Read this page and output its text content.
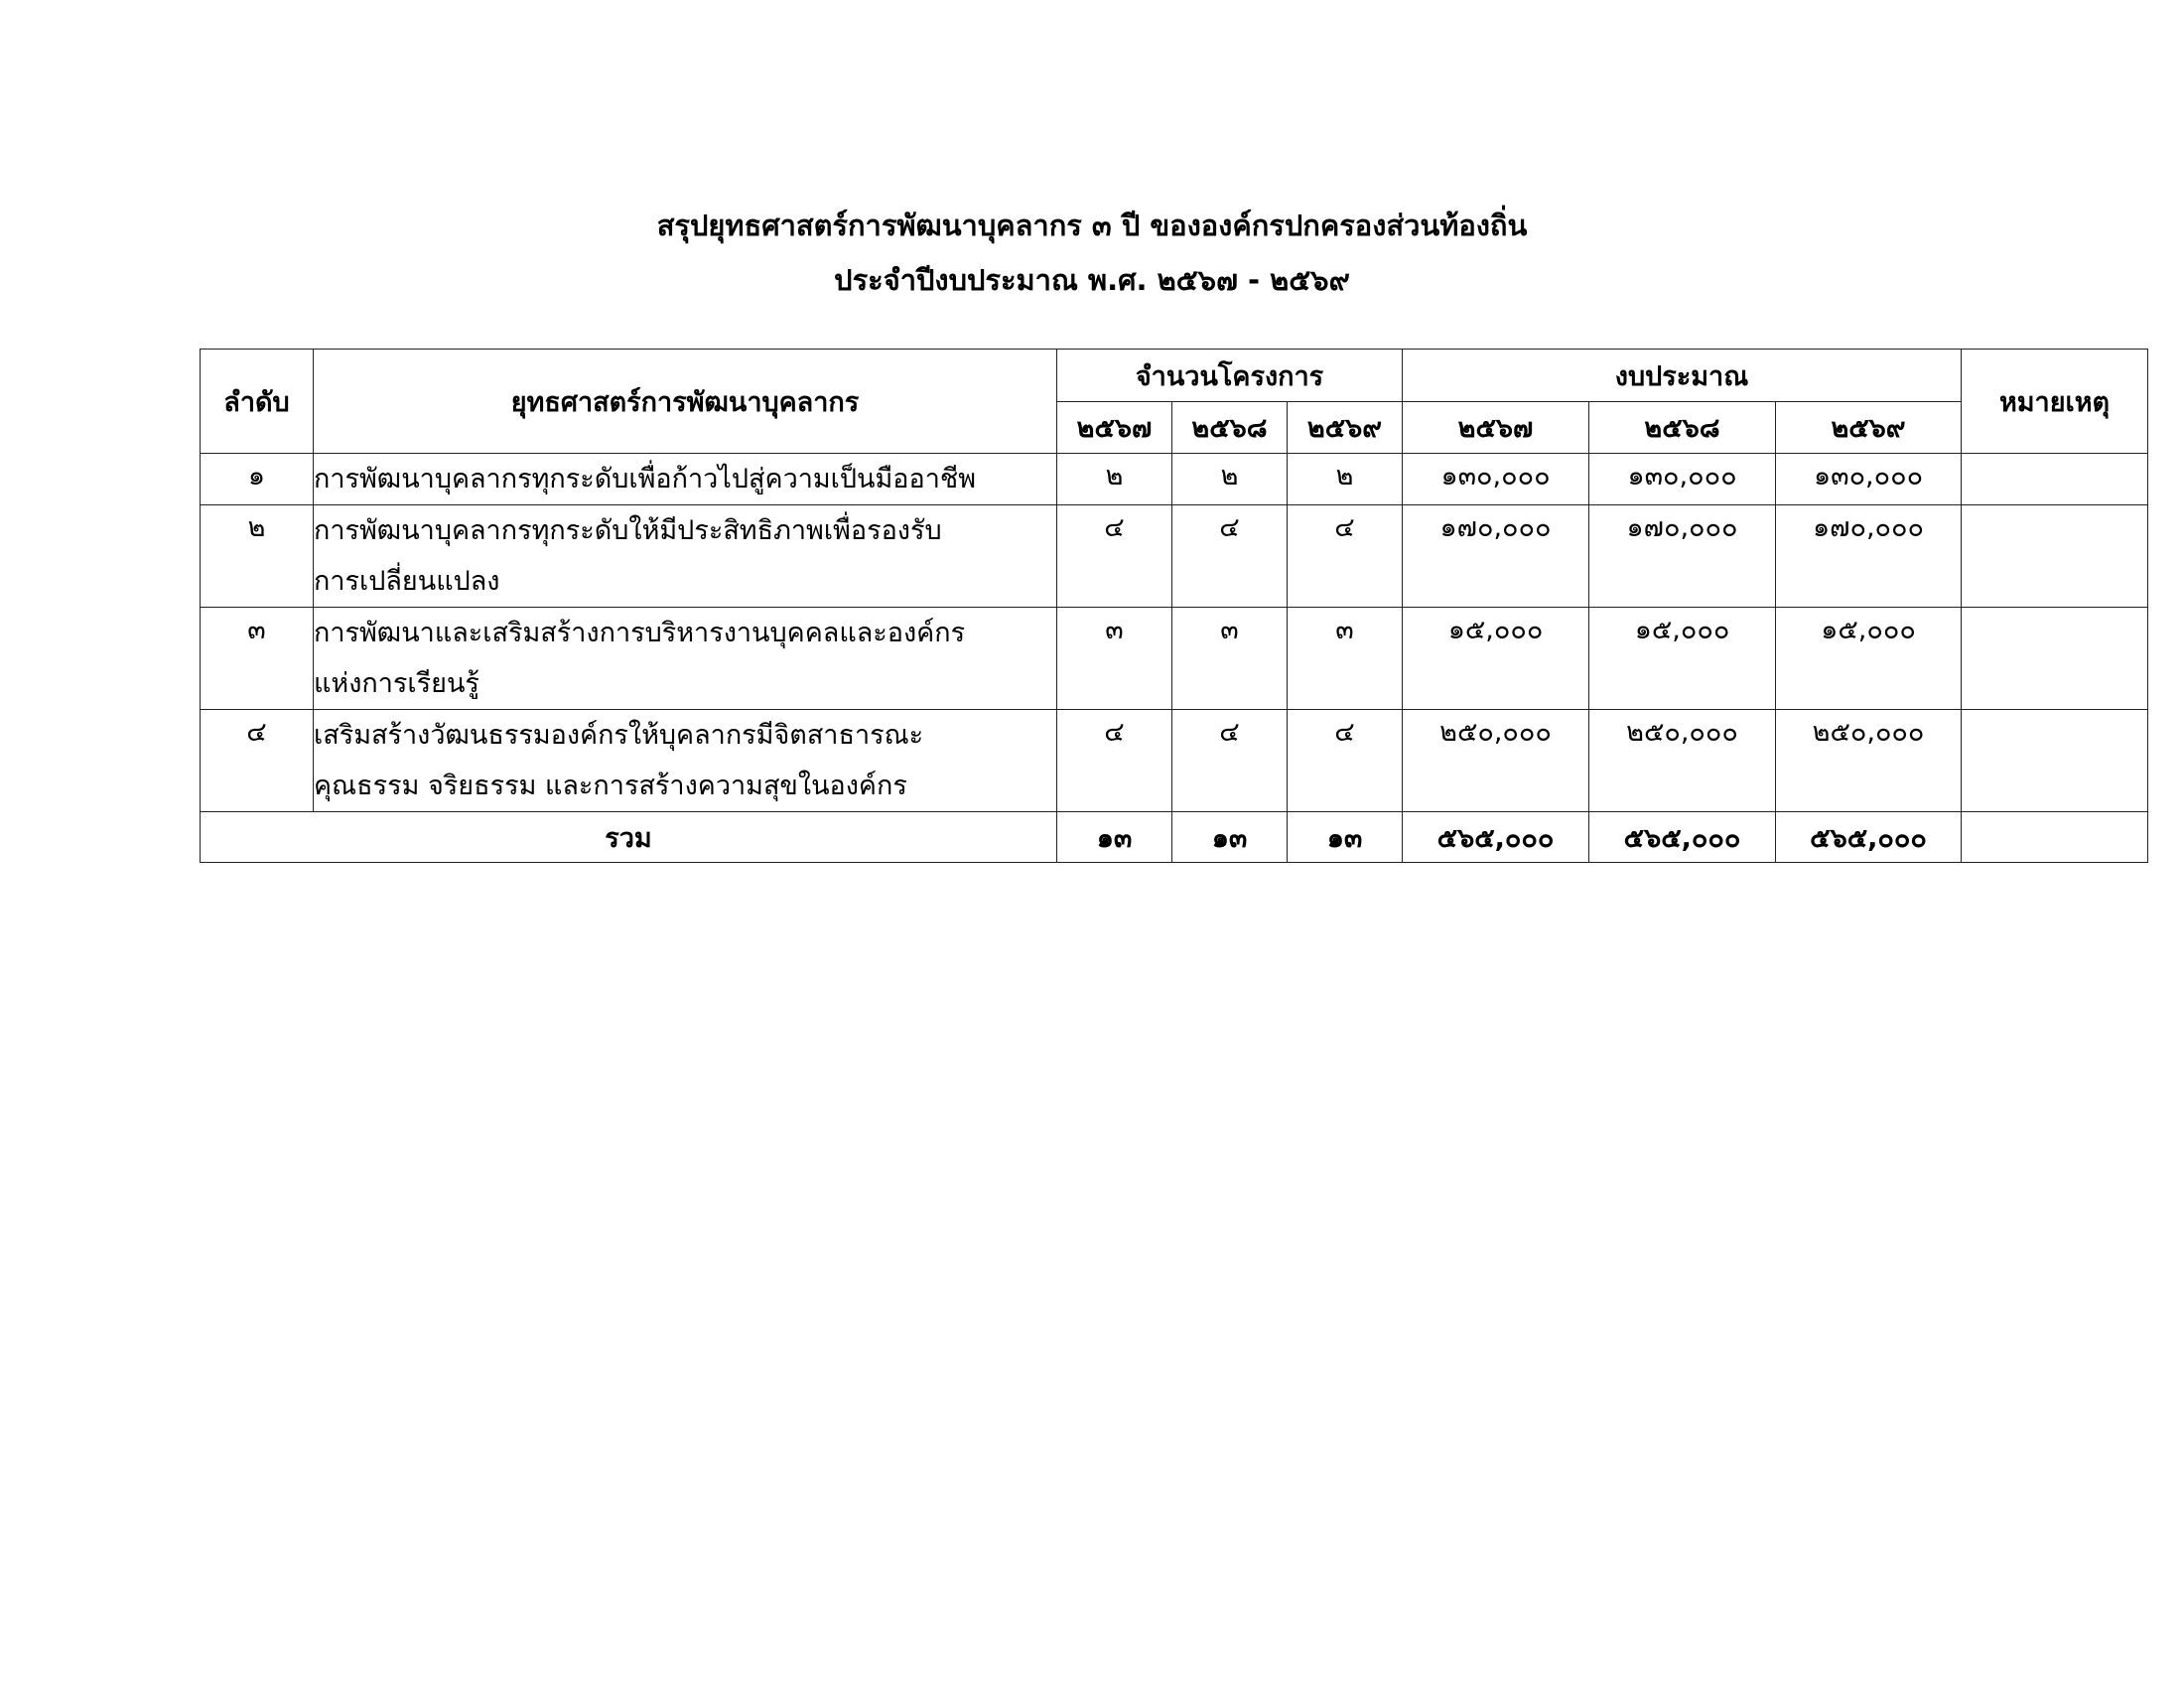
สรุปยุทธศาสตร์การพัฒนาบุคลากร ๓ ปี ขององค์กรปกครองส่วนท้องถิ่น
ประจำปีงบประมาณ พ.ศ. ๒๕๖๗ - ๒๕๖๙
ลำดับ	ยุทธศาสตร์การพัฒนาบุคลากร	จำนวนโครงการ			งบประมาณ			หมายเหตุ
		๒๕๖๗	๒๕๖๘	๒๕๖๙	๒๕๖๗	๒๕๖๘	๒๕๖๙	
๑	การพัฒนาบุคลากรทุกระดับเพื่อก้าวไปสู่ความเป็นมืออาชีพ	๒	๒	๒	๑๓๐,๐๐๐	๑๓๐,๐๐๐	๑๓๐,๐๐๐	
๒	การพัฒนาบุคลากรทุกระดับให้มีประสิทธิภาพเพื่อรองรับ
การเปลี่ยนแปลง	๔	๔	๔	๑๗๐,๐๐๐	๑๗๐,๐๐๐	๑๗๐,๐๐๐	
๓	การพัฒนาและเสริมสร้างการบริหารงานบุคคลและองค์กร
แห่งการเรียนรู้	๓	๓	๓	๑๕,๐๐๐	๑๕,๐๐๐	๑๕,๐๐๐	
๔	เสริมสร้างวัฒนธรรมองค์กรให้บุคลากรมีจิตสาธารณะ
คุณธรรม จริยธรรม และการสร้างความสุขในองค์กร	๔	๔	๔	๒๕๐,๐๐๐	๒๕๐,๐๐๐	๒๕๐,๐๐๐	
รวม		๑๓	๑๓	๑๓	๕๖๕,๐๐๐	๕๖๕,๐๐๐	๕๖๕,๐๐๐	
